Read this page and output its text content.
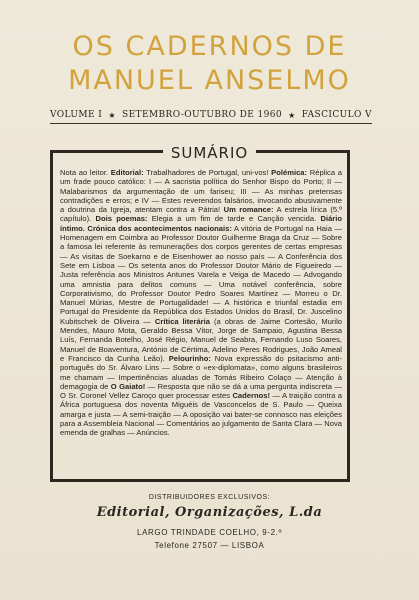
OS CADERNOS DE
MANUEL ANSELMO
VOLUME I ★ SETEMBRO-OUTUBRO DE 1960 ★ FASCICULO V
SUMÁRIO
Nota ao leitor. Editorial: Trabalhadores de Portugal, uni-vos! Polémica: Réplica a um frade pouco católico: I — A sacristia política do Senhor Bispo do Porto; II — Malabarismos da argumentação de um fariseu; III — As minhas pretensas contradições e erros; e IV — Estes reverendos falsários, invocando abusivamente a doutrina da Igreja, atentam contra a Pátria! Um romance: A estrela lírica (5.º capítulo). Dois poemas: Elegia a um fim de tarde e Canção vencida. Diário íntimo. Crónica dos acontecimentos nacionais: A vitória de Portugal na Haia — Homenagem em Coimbra ao Professor Doutor Guilherme Braga da Cruz — Sobre a famosa lei referente às remunerações dos corpos gerentes de certas empresas — As visitas de Soekarno e de Eisenhower ao nosso país — A Conferência dos Sete em Lisboa — Os setenta anos do Professor Doutor Mário de Figueiredo — Justa referência aos Ministros Antunes Varela e Veiga de Macedo — Advogando uma amnistia para delitos comuns — Uma notável conferência, sobre Corporativismo, do Professor Doutor Pedro Soares Martínez — Morreu o Dr. Manuel Múrias, Mestre de Portugalidade! — A histórica e triunfal estadia em Portugal do Presidente da República dos Estados Unidos do Brasil, Dr. Juscelino Kubitschek de Oliveira — Crítica literária (a obras de Jaime Cortesão, Murilo Mendes, Mauro Mota, Geraldo Bessa Vítor, Jorge de Sampaio, Agustina Bessa Luís, Fernanda Botelho, José Régio, Manuel de Seabra, Fernando Luso Soares, Manuel de Boaventura, António de Cértima, Adelino Peres Rodrigues, João Ameal e Francisco da Cunha Leão). Pelourinho: Nova expressão do psitacismo anti-português do Sr. Álvaro Lins — Sobre o «ex-diplomata», como alguns brasileiros me chamam — Impertinências aluadas de Tomás Ribeiro Colaço — Atenção à demagogia de O Gaiato! — Resposta que não se dá a uma pergunta indiscreta — O Sr. Coronel Vellez Caroço quer processar estes Cadernos! — A traição contra a África portuguesa dos noventa Miguéis de Vasconcelos de S. Paulo — Queixa amarga e justa — A semi-traição — A oposição vai bater-se connosco nas eleições para a Assembleia Nacional — Comentários ao julgamento de Santa Clara — Nova emenda de gralhas — Anúncios.
DISTRIBUIDORES EXCLUSIVOS:
Editorial, Organizações, L.da
LARGO TRINDADE COELHO, 9-2.º
Telefone 27507 — LISBOA
